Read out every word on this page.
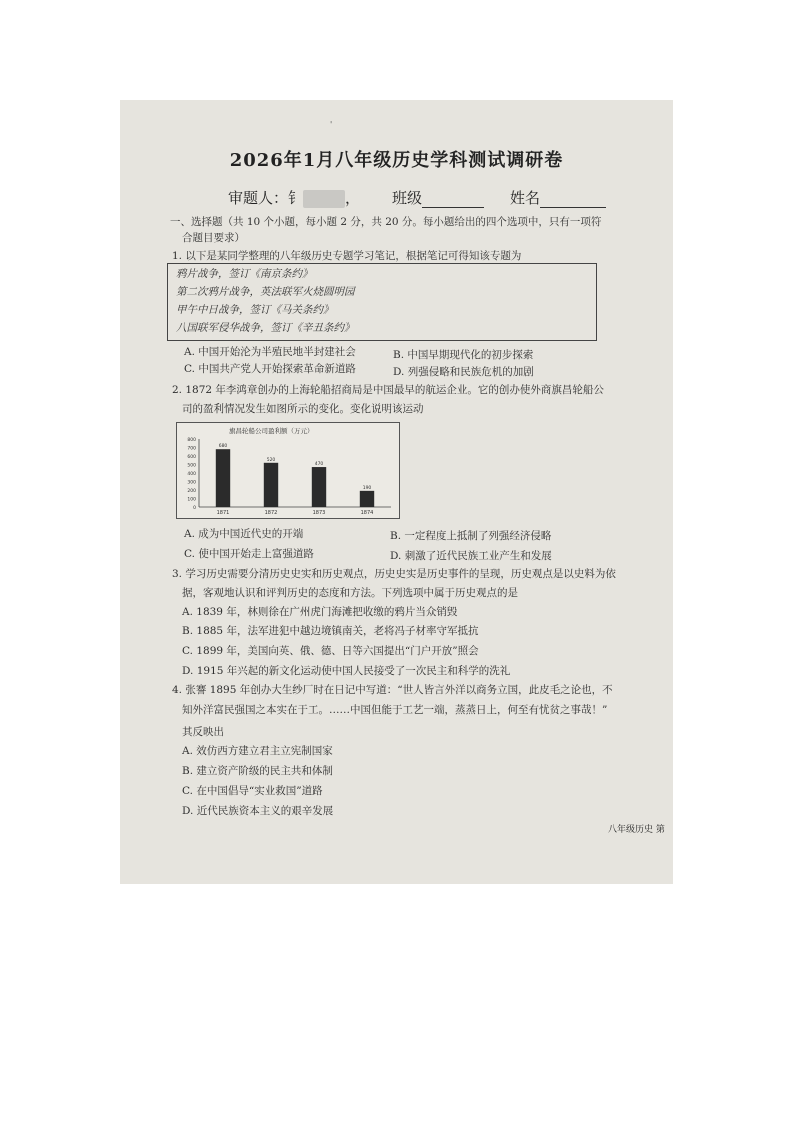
'
2026年1月八年级历史学科测试调研卷
审题人：钅	， 班级	姓名
一、选择题（共 10 个小题，每小题 2 分，共 20 分。每小题给出的四个选项中，只有一项符
合题目要求）
1. 以下是某同学整理的八年级历史专题学习笔记，根据笔记可得知该专题为
鸦片战争，签订《南京条约》
第二次鸦片战争，英法联军火烧圆明园
甲午中日战争，签订《马关条约》
八国联军侵华战争，签订《辛丑条约》
A. 中国开始沦为半殖民地半封建社会	B. 中国早期现代化的初步探索
C. 中国共产党人开始探索革命新道路	D. 列强侵略和民族危机的加剧
2. 1872 年李鸿章创办的上海轮船招商局是中国最早的航运企业。它的创办使外商旗昌轮船公
司的盈利情况发生如图所示的变化。变化说明该运动
旗昌轮船公司盈利额（万元）
800
700
600
500
400
300
200
100
0
680
1871
520
1872
470
1873
190
1874
A. 成为中国近代史的开端	B. 一定程度上抵制了列强经济侵略
C. 使中国开始走上富强道路	D. 刺激了近代民族工业产生和发展
3. 学习历史需要分清历史史实和历史观点，历史史实是历史事件的呈现，历史观点是以史料为依
据，客观地认识和评判历史的态度和方法。下列选项中属于历史观点的是
A. 1839 年，林则徐在广州虎门海滩把收缴的鸦片当众销毁
B. 1885 年，法军进犯中越边境镇南关，老将冯子材率守军抵抗
C. 1899 年，美国向英、俄、德、日等六国提出“门户开放”照会
D. 1915 年兴起的新文化运动使中国人民接受了一次民主和科学的洗礼
4. 张謇 1895 年创办大生纱厂时在日记中写道：“世人皆言外洋以商务立国，此皮毛之论也，不
知外洋富民强国之本实在于工。……中国但能于工艺一端，蒸蒸日上，何至有忧贫之事哉！”
其反映出
A. 效仿西方建立君主立宪制国家
B. 建立资产阶级的民主共和体制
C. 在中国倡导“实业救国”道路
D. 近代民族资本主义的艰辛发展
八年级历史 第
